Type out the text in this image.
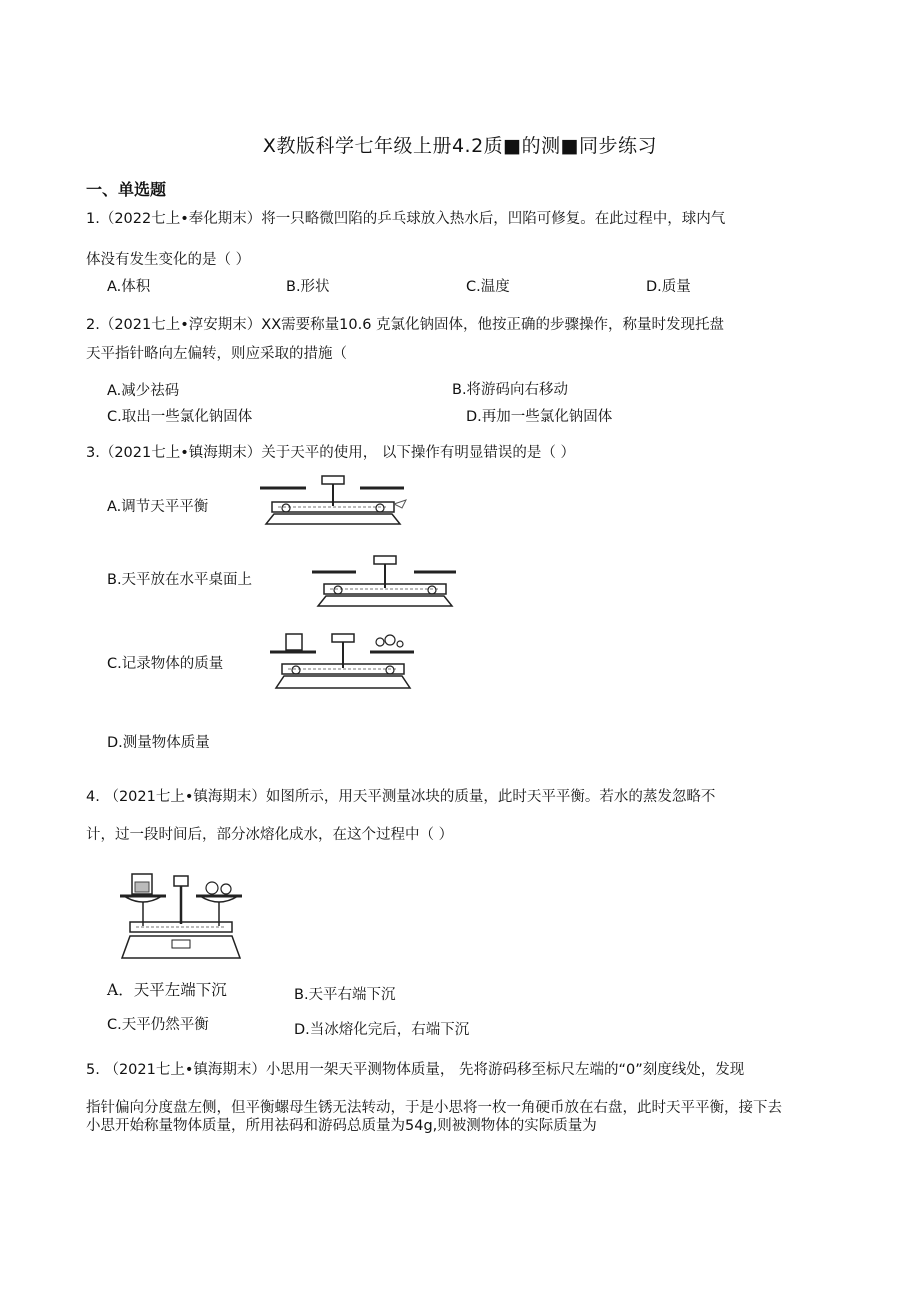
X教版科学七年级上册4.2质■的测■同步练习
一、单选题
1.（2022七上•奉化期末）将一只略微凹陷的乒乓球放入热水后，凹陷可修复。在此过程中，球内气
体没有发生变化的是（ ）
A.体积	B.形状	C.温度	D.质量
2.（2021七上•淳安期末）XX需要称量10.6 克氯化钠固体，他按正确的步骤操作，称量时发现托盘
天平指针略向左偏转，则应采取的措施（
A.减少祛码	B.将游码向右移动
C.取出一些氯化钠固体	D.再加一些氯化钠固体
3.（2021七上•镇海期末）关于天平的使用， 以下操作有明显错误的是（ ）
A.调节天平平衡
B.天平放在水平桌面上
C.记录物体的质量
D.测量物体质量
4. （2021七上•镇海期末）如图所示，用天平测量冰块的质量，此时天平平衡。若水的蒸发忽略不
计，过一段时间后，部分冰熔化成水，在这个过程中（ ）
A．天平左端下沉	B.天平右端下沉
C.天平仍然平衡	D.当冰熔化完后，右端下沉
5. （2021七上•镇海期末）小思用一架天平测物体质量， 先将游码移至标尺左端的“0”刻度线处，发现
指针偏向分度盘左侧，但平衡螺母生锈无法转动，于是小思将一枚一角硬币放在右盘，此时天平平衡，接下去
小思开始称量物体质量，所用祛码和游码总质量为54g,则被测物体的实际质量为
